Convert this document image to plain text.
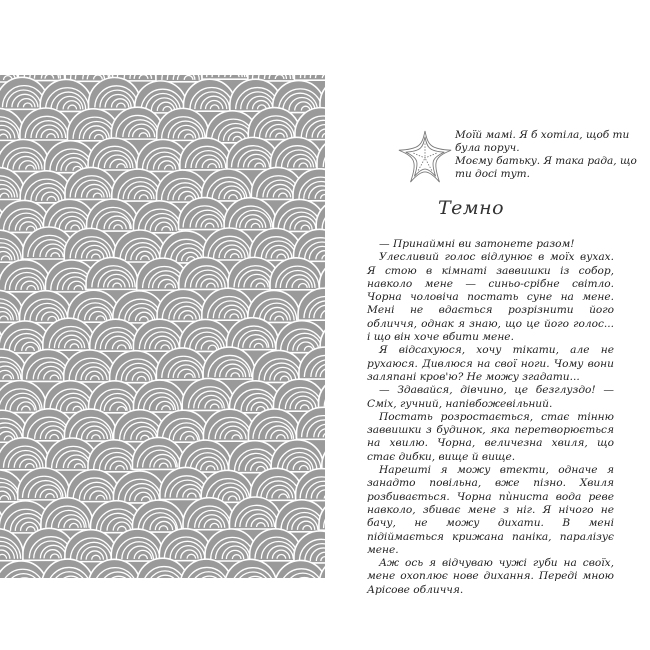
Моїй мамі. Я б хотіла, щоб ти була поруч.

Моєму батьку. Я така рада, що ти досі тут.

Темно

— Принаймні ви затонете разом!

Улесливий голос відлунює в моїх вухах. Я стою в кімнаті заввишки із собор, навколо мене — синьо-срібне світло. Чорна чоловіча постать суне на мене. Мені не вдається розрізнити його обличчя, однак я знаю, що це його голос... і що він хоче вбити мене.

Я відсахуюся, хочу тікати, але не рухаюся. Дивлюся на свої ноги. Чому вони заляпані кров'ю? Не можу згадати...

— Здавайся, дівчино, це безглуздо! — Сміх, гучний, напівбожевільний.

Постать розростається, стає тінню заввишки з будинок, яка перетворюється на хвилю. Чорна, величезна хвиля, що стає дибки, вище й вище.

Нарешті я можу втекти, одначе я занадто повільна, вже пізно. Хвиля розбивається. Чорна пѝниста вода реве навколо, збиває мене з ніг. Я нічого не бачу, не можу дихати. В мені підіймається крижана паніка, паралізує мене.

Аж ось я відчуваю чужі губи на своїх, мене охоплює нове дихання. Переді мною Арісове обличчя.
